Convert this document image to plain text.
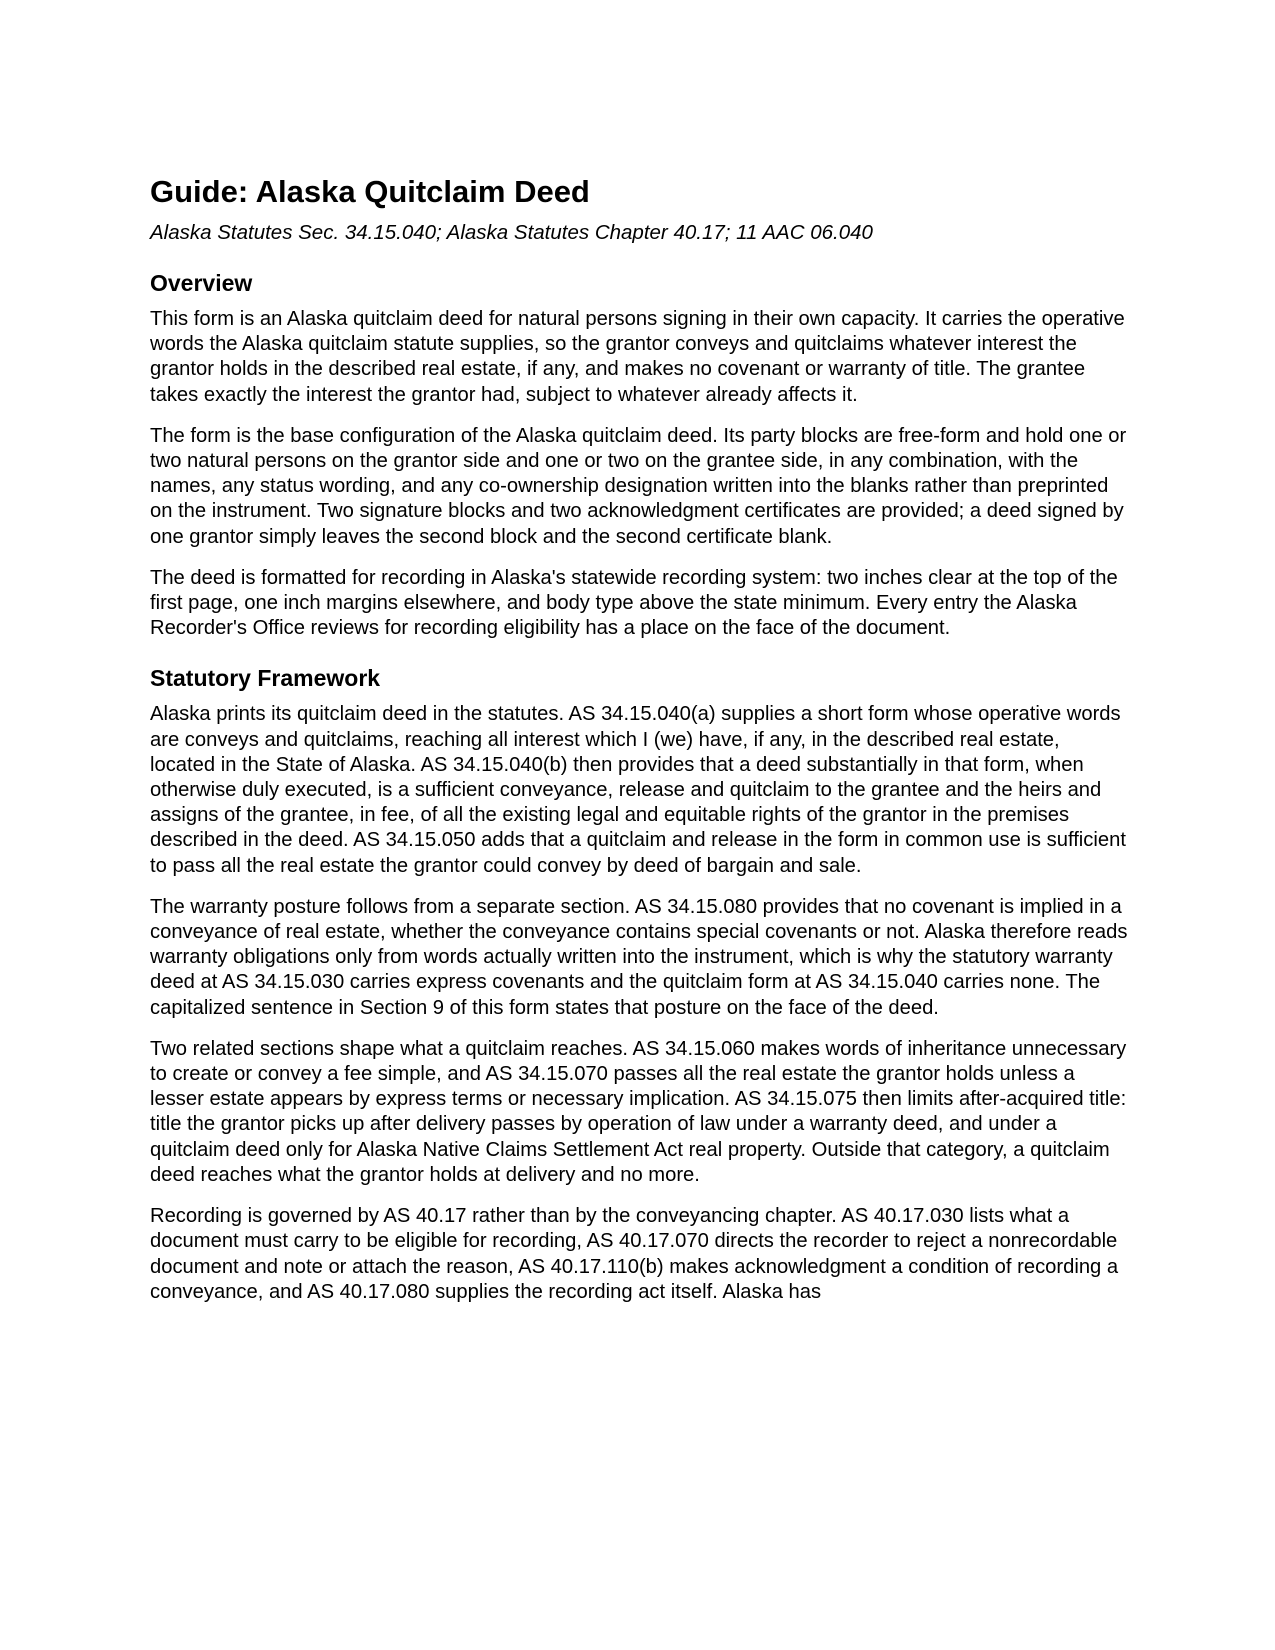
Guide: Alaska Quitclaim Deed
Alaska Statutes Sec. 34.15.040; Alaska Statutes Chapter 40.17; 11 AAC 06.040
Overview

This form is an Alaska quitclaim deed for natural persons signing in their own capacity. It carries the operative words the Alaska quitclaim statute supplies, so the grantor conveys and quitclaims whatever interest the grantor holds in the described real estate, if any, and makes no covenant or warranty of title. The grantee takes exactly the interest the grantor had, subject to whatever already affects it.

The form is the base configuration of the Alaska quitclaim deed. Its party blocks are free-form and hold one or two natural persons on the grantor side and one or two on the grantee side, in any combination, with the names, any status wording, and any co-ownership designation written into the blanks rather than preprinted on the instrument. Two signature blocks and two acknowledgment certificates are provided; a deed signed by one grantor simply leaves the second block and the second certificate blank.

The deed is formatted for recording in Alaska's statewide recording system: two inches clear at the top of the first page, one inch margins elsewhere, and body type above the state minimum. Every entry the Alaska Recorder's Office reviews for recording eligibility has a place on the face of the document.

Statutory Framework

Alaska prints its quitclaim deed in the statutes. AS 34.15.040(a) supplies a short form whose operative words are conveys and quitclaims, reaching all interest which I (we) have, if any, in the described real estate, located in the State of Alaska. AS 34.15.040(b) then provides that a deed substantially in that form, when otherwise duly executed, is a sufficient conveyance, release and quitclaim to the grantee and the heirs and assigns of the grantee, in fee, of all the existing legal and equitable rights of the grantor in the premises described in the deed. AS 34.15.050 adds that a quitclaim and release in the form in common use is sufficient to pass all the real estate the grantor could convey by deed of bargain and sale.

The warranty posture follows from a separate section. AS 34.15.080 provides that no covenant is implied in a conveyance of real estate, whether the conveyance contains special covenants or not. Alaska therefore reads warranty obligations only from words actually written into the instrument, which is why the statutory warranty deed at AS 34.15.030 carries express covenants and the quitclaim form at AS 34.15.040 carries none. The capitalized sentence in Section 9 of this form states that posture on the face of the deed.

Two related sections shape what a quitclaim reaches. AS 34.15.060 makes words of inheritance unnecessary to create or convey a fee simple, and AS 34.15.070 passes all the real estate the grantor holds unless a lesser estate appears by express terms or necessary implication. AS 34.15.075 then limits after-acquired title: title the grantor picks up after delivery passes by operation of law under a warranty deed, and under a quitclaim deed only for Alaska Native Claims Settlement Act real property. Outside that category, a quitclaim deed reaches what the grantor holds at delivery and no more.

Recording is governed by AS 40.17 rather than by the conveyancing chapter. AS 40.17.030 lists what a document must carry to be eligible for recording, AS 40.17.070 directs the recorder to reject a nonrecordable document and note or attach the reason, AS 40.17.110(b) makes acknowledgment a condition of recording a conveyance, and AS 40.17.080 supplies the recording act itself. Alaska has
